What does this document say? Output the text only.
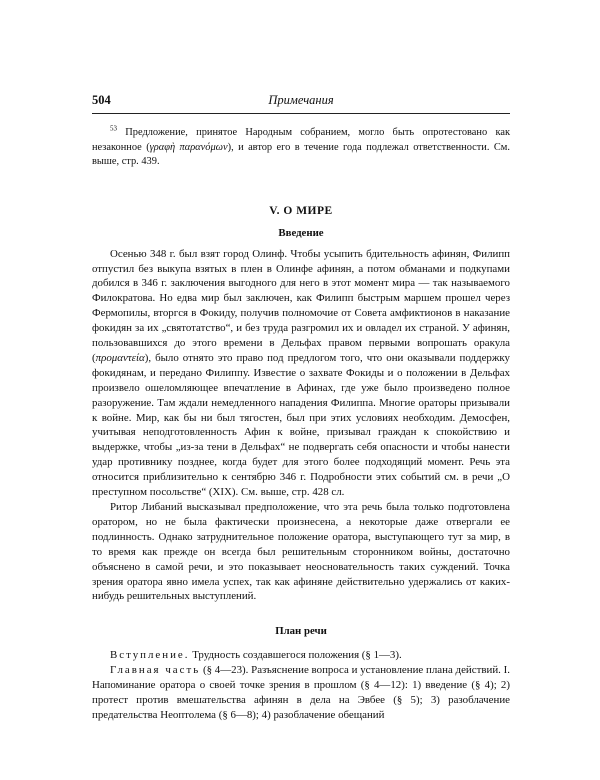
504	Примечания

$^{53}$ Предложение, принятое Народным собранием, могло быть опротестовано как незаконное (γραφὴ παρανόμων), и автор его в течение года подлежал ответственности. См. выше, стр. 439.

V. О МИРЕ
Введение

Осенью 348 г. был взят город Олинф. Чтобы усыпить бдительность афинян, Филипп отпустил без выкупа взятых в плен в Олинфе афинян, а потом обманами и подкупами добился в 346 г. заключения выгодного для него в этот момент мира — так называемого Филократова. Но едва мир был заключен, как Филипп быстрым маршем прошел через Фермопилы, вторгся в Фокиду, получив полномочие от Совета амфиктионов в наказание фокидян за их „святотатство“, и без труда разгромил их и овладел их страной. У афинян, пользовавшихся до этого времени в Дельфах правом первыми вопрошать оракула (προμαντεία), было отнято это право под предлогом того, что они оказывали поддержку фокидянам, и передано Филиппу. Известие о захвате Фокиды и о положении в Дельфах произвело ошеломляющее впечатление в Афинах, где уже было произведено полное разоружение. Там ждали немедленного нападения Филиппа. Многие ораторы призывали к войне. Мир, как бы ни был тягостен, был при этих условиях необходим. Демосфен, учитывая неподготовленность Афин к войне, призывал граждан к спокойствию и выдержке, чтобы „из-за тени в Дельфах“ не подвергать себя опасности и чтобы нанести удар противнику позднее, когда будет для этого более подходящий момент. Речь эта относится приблизительно к сентябрю 346 г. Подробности этих событий см. в речи „О преступном посольстве“ (XIX). См. выше, стр. 428 сл.

Ритор Либаний высказывал предположение, что эта речь была только подготовлена оратором, но не была фактически произнесена, а некоторые даже отвергали ее подлинность. Однако затруднительное положение оратора, выступающего тут за мир, в то время как прежде он всегда был решительным сторонником войны, достаточно объяснено в самой речи, и это показывает неосновательность таких суждений. Точка зрения оратора явно имела успех, так как афиняне действительно удержались от каких-нибудь решительных выступлений.

План речи

Вступление. Трудность создавшегося положения (§ 1—3).

Главная часть (§ 4—23). Разъяснение вопроса и установление плана действий. I. Напоминание оратора о своей точке зрения в прошлом (§ 4—12): 1) введение (§ 4); 2) протест против вмешательства афинян в дела на Эвбее (§ 5); 3) разоблачение предательства Неоптолема (§ 6—8); 4) разоблачение обещаний
